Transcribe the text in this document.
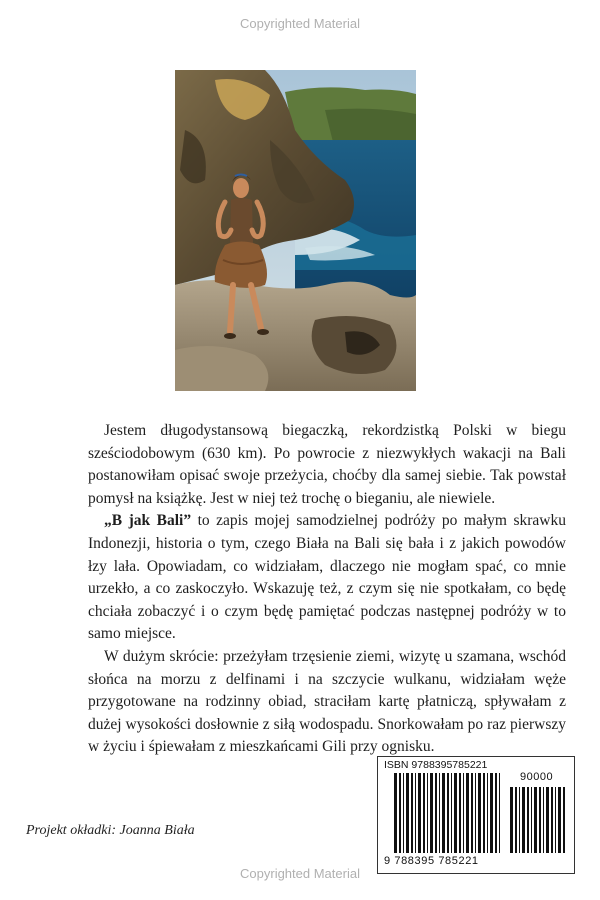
Copyrighted Material

Jestem długodystansową biegaczką, rekordzistką Polski w biegu sześciodobowym (630 km). Po powrocie z niezwykłych wakacji na Bali postanowiłam opisać swoje przeżycia, choćby dla samej siebie. Tak powstał pomysł na książkę. Jest w niej też trochę o bieganiu, ale niewiele.

„B jak Bali” to zapis mojej samodzielnej podróży po małym skrawku Indonezji, historia o tym, czego Biała na Bali się bała i z jakich powodów łzy lała. Opowiadam, co widziałam, dlaczego nie mogłam spać, co mnie urzekło, a co zaskoczyło. Wskazuję też, z czym się nie spotkałam, co będę chciała zobaczyć i o czym będę pamiętać podczas następnej podróży w to samo miejsce.

W dużym skrócie: przeżyłam trzęsienie ziemi, wizytę u szamana, wschód słońca na morzu z delfinami i na szczycie wulkanu, widziałam węże przygotowane na rodzinny obiad, straciłam kartę płatniczą, spływałam z dużej wysokości dosłownie z siłą wodospadu. Snorkowałam po raz pierwszy w życiu i śpiewałam z mieszkańcami Gili przy ognisku.

Projekt okładki: Joanna Biała
ISBN 9788395785221
90000
9 788395 785221
Copyrighted Material
